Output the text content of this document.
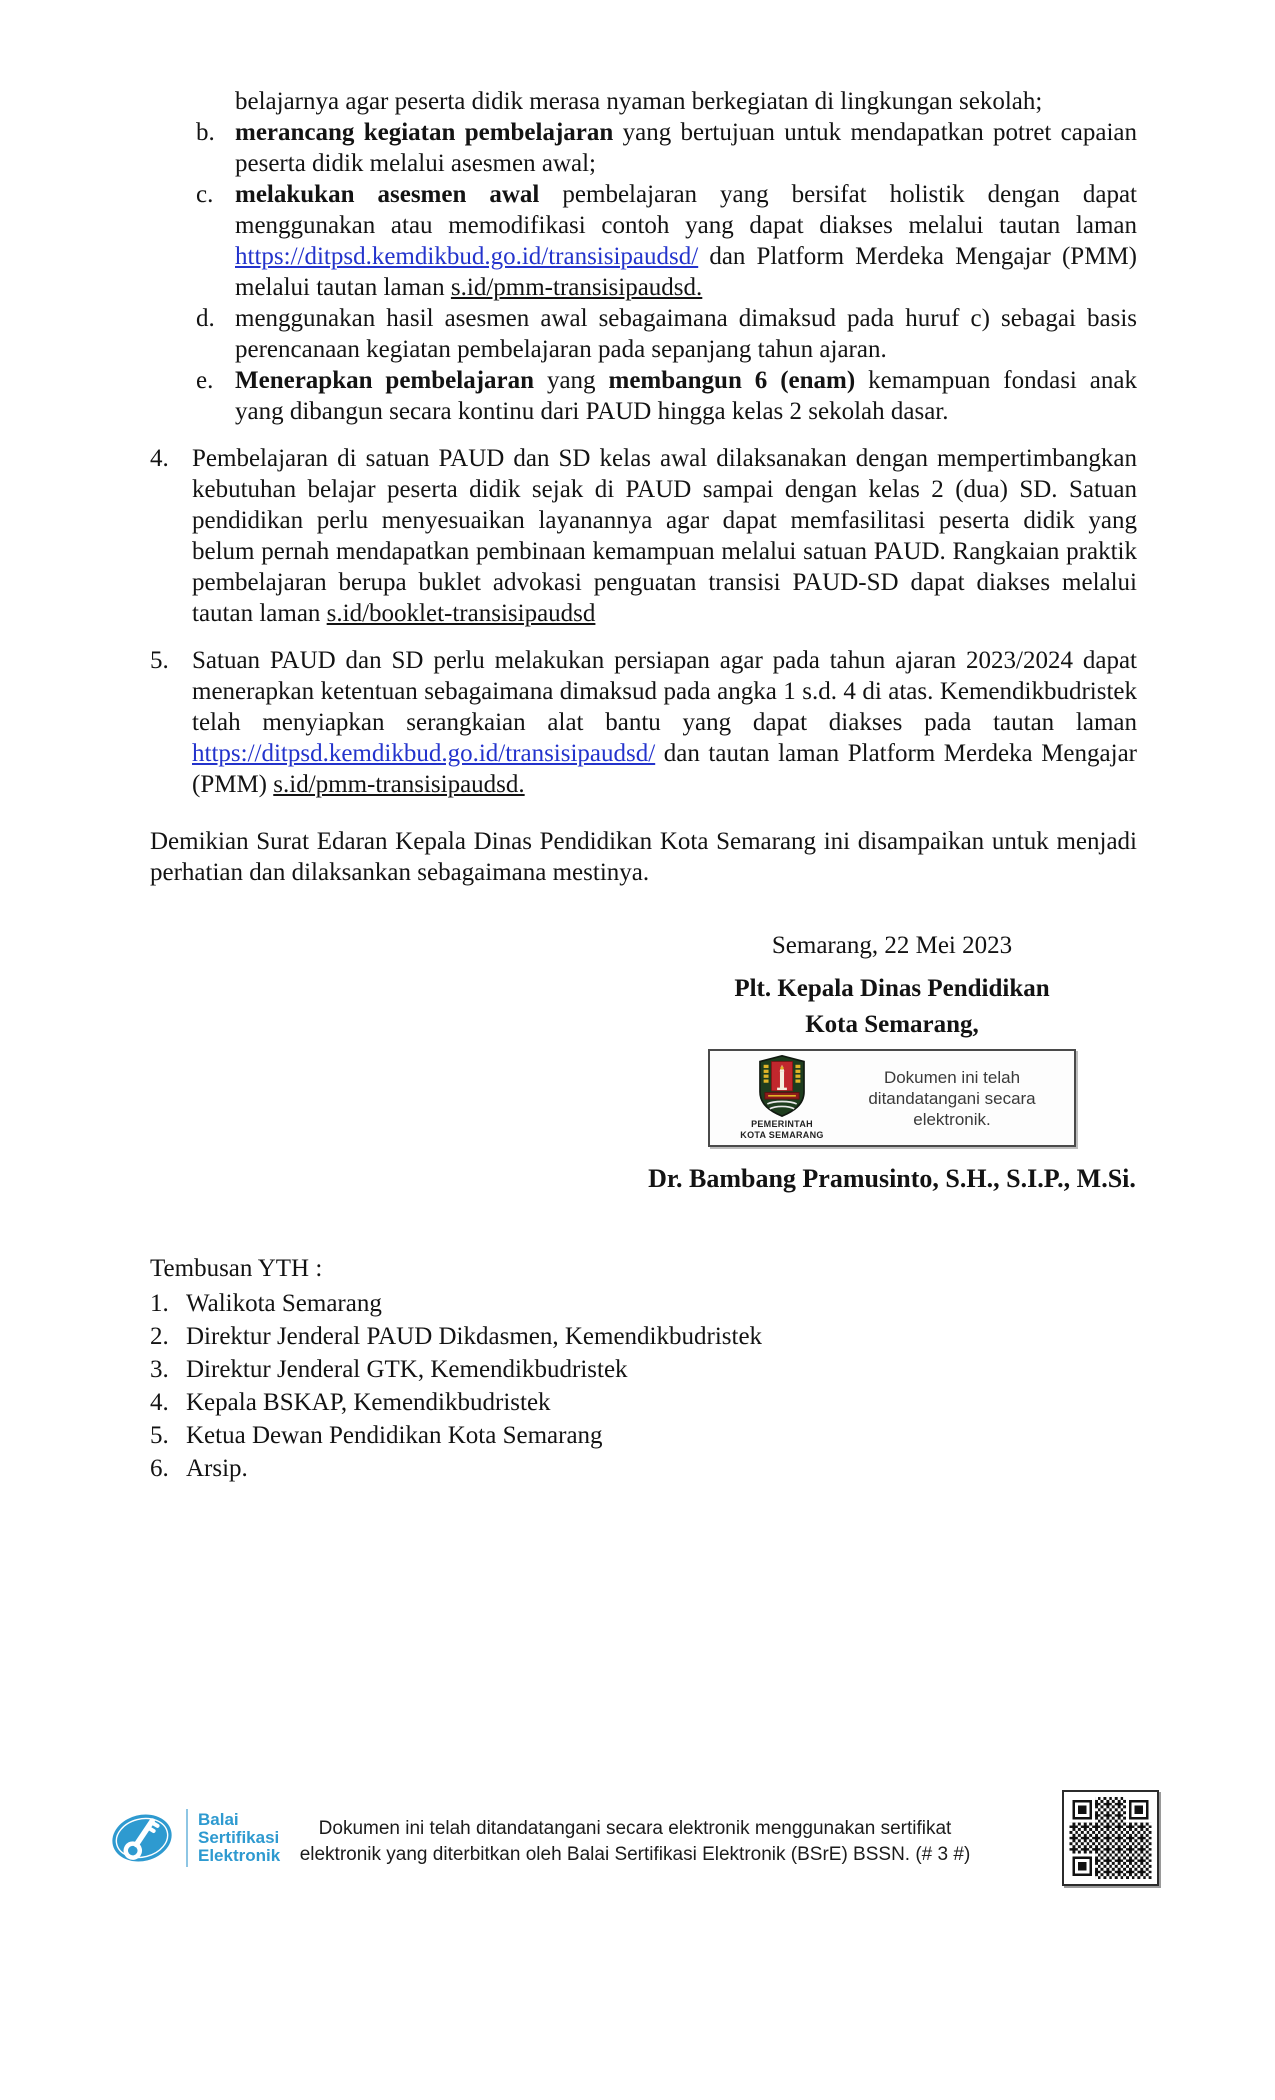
belajarnya agar peserta didik merasa nyaman berkegiatan di lingkungan sekolah;

b. merancang kegiatan pembelajaran yang bertujuan untuk mendapatkan potret capaian peserta didik melalui asesmen awal;

c. melakukan asesmen awal pembelajaran yang bersifat holistik dengan dapat menggunakan atau memodifikasi contoh yang dapat diakses melalui tautan laman https://ditpsd.kemdikbud.go.id/transisipaudsd/ dan Platform Merdeka Mengajar (PMM) melalui tautan laman s.id/pmm-transisipaudsd.

d. menggunakan hasil asesmen awal sebagaimana dimaksud pada huruf c) sebagai basis perencanaan kegiatan pembelajaran pada sepanjang tahun ajaran.

e. Menerapkan pembelajaran yang membangun 6 (enam) kemampuan fondasi anak yang dibangun secara kontinu dari PAUD hingga kelas 2 sekolah dasar.

4. Pembelajaran di satuan PAUD dan SD kelas awal dilaksanakan dengan mempertimbangkan kebutuhan belajar peserta didik sejak di PAUD sampai dengan kelas 2 (dua) SD. Satuan pendidikan perlu menyesuaikan layanannya agar dapat memfasilitasi peserta didik yang belum pernah mendapatkan pembinaan kemampuan melalui satuan PAUD. Rangkaian praktik pembelajaran berupa buklet advokasi penguatan transisi PAUD-SD dapat diakses melalui tautan laman s.id/booklet-transisipaudsd

5. Satuan PAUD dan SD perlu melakukan persiapan agar pada tahun ajaran 2023/2024 dapat menerapkan ketentuan sebagaimana dimaksud pada angka 1 s.d. 4 di atas. Kemendikbudristek telah menyiapkan serangkaian alat bantu yang dapat diakses pada tautan laman https://ditpsd.kemdikbud.go.id/transisipaudsd/ dan tautan laman Platform Merdeka Mengajar (PMM) s.id/pmm-transisipaudsd.

Demikian Surat Edaran Kepala Dinas Pendidikan Kota Semarang ini disampaikan untuk menjadi perhatian dan dilaksankan sebagaimana mestinya.

Semarang, 22 Mei 2023
Plt. Kepala Dinas Pendidikan
Kota Semarang,
PEMERINTAH
KOTA SEMARANG
Dokumen ini telah ditandatangani secara elektronik.
Dr. Bambang Pramusinto, S.H., S.I.P., M.Si.
Tembusan YTH :
1. Walikota Semarang

2. Direktur Jenderal PAUD Dikdasmen, Kemendikbudristek

3. Direktur Jenderal GTK, Kemendikbudristek

4. Kepala BSKAP, Kemendikbudristek

5. Ketua Dewan Pendidikan Kota Semarang

6. Arsip.

Balai
Sertifikasi
Elektronik
Dokumen ini telah ditandatangani secara elektronik menggunakan sertifikat
elektronik yang diterbitkan oleh Balai Sertifikasi Elektronik (BSrE) BSSN. (# 3 #)
